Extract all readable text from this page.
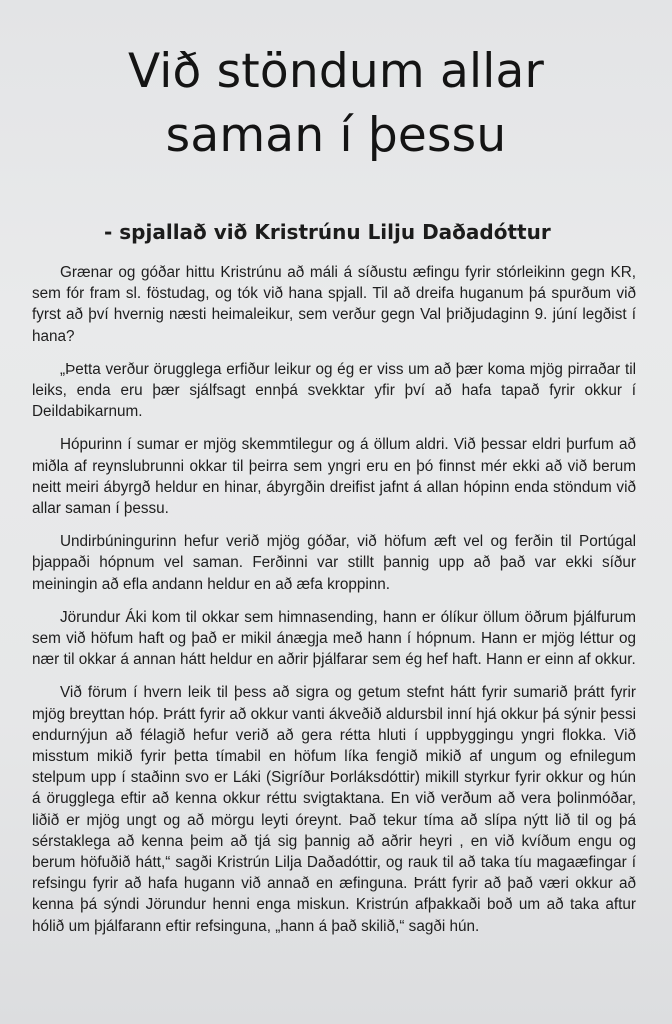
Við stöndum allar
saman í þessu
- spjallað við Kristrúnu Lilju Daðadóttur

Grænar og góðar hittu Kristrúnu að máli á síðustu æfingu fyrir stórleikinn gegn KR, sem fór fram sl. föstudag, og tók við hana spjall. Til að dreifa huganum þá spurðum við fyrst að því hvernig næsti heimaleikur, sem verður gegn Val þriðjudaginn 9. júní legðist í hana?

„Þetta verður örugglega erfiður leikur og ég er viss um að þær koma mjög pirraðar til leiks, enda eru þær sjálfsagt ennþá svekktar yfir því að hafa tapað fyrir okkur í Deildabikarnum.

Hópurinn í sumar er mjög skemmtilegur og á öllum aldri. Við þessar eldri þurfum að miðla af reynslubrunni okkar til þeirra sem yngri eru en þó finnst mér ekki að við berum neitt meiri ábyrgð heldur en hinar, ábyrgðin dreifist jafnt á allan hópinn enda stöndum við allar saman í þessu.

Undirbúningurinn hefur verið mjög góðar, við höfum æft vel og ferðin til Portúgal þjappaði hópnum vel saman. Ferðinni var stillt þannig upp að það var ekki síður meiningin að efla andann heldur en að æfa kroppinn.

Jörundur Áki kom til okkar sem himnasending, hann er ólíkur öllum öðrum þjálfurum sem við höfum haft og það er mikil ánægja með hann í hópnum. Hann er mjög léttur og nær til okkar á annan hátt heldur en aðrir þjálfarar sem ég hef haft. Hann er einn af okkur.

Við förum í hvern leik til þess að sigra og getum stefnt hátt fyrir sumarið þrátt fyrir mjög breyttan hóp. Þrátt fyrir að okkur vanti ákveðið aldursbil inní hjá okkur þá sýnir þessi endurnýjun að félagið hefur verið að gera rétta hluti í uppbyggingu yngri flokka. Við misstum mikið fyrir þetta tímabil en höfum líka fengið mikið af ungum og efnilegum stelpum upp í staðinn svo er Láki (Sigríður Þorláksdóttir) mikill styrkur fyrir okkur og hún á örugglega eftir að kenna okkur réttu svigtaktana. En við verðum að vera þolinmóðar, liðið er mjög ungt og að mörgu leyti óreynt. Það tekur tíma að slípa nýtt lið til og þá sérstaklega að kenna þeim að tjá sig þannig að aðrir heyri , en við kvíðum engu og berum höfuðið hátt,“ sagði Kristrún Lilja Daðadóttir, og rauk til að taka tíu magaæfingar í refsingu fyrir að hafa hugann við annað en æfinguna. Þrátt fyrir að það væri okkur að kenna þá sýndi Jörundur henni enga miskun. Kristrún afþakkaði boð um að taka aftur hólið um þjálfarann eftir refsinguna, „hann á það skilið,“ sagði hún.
